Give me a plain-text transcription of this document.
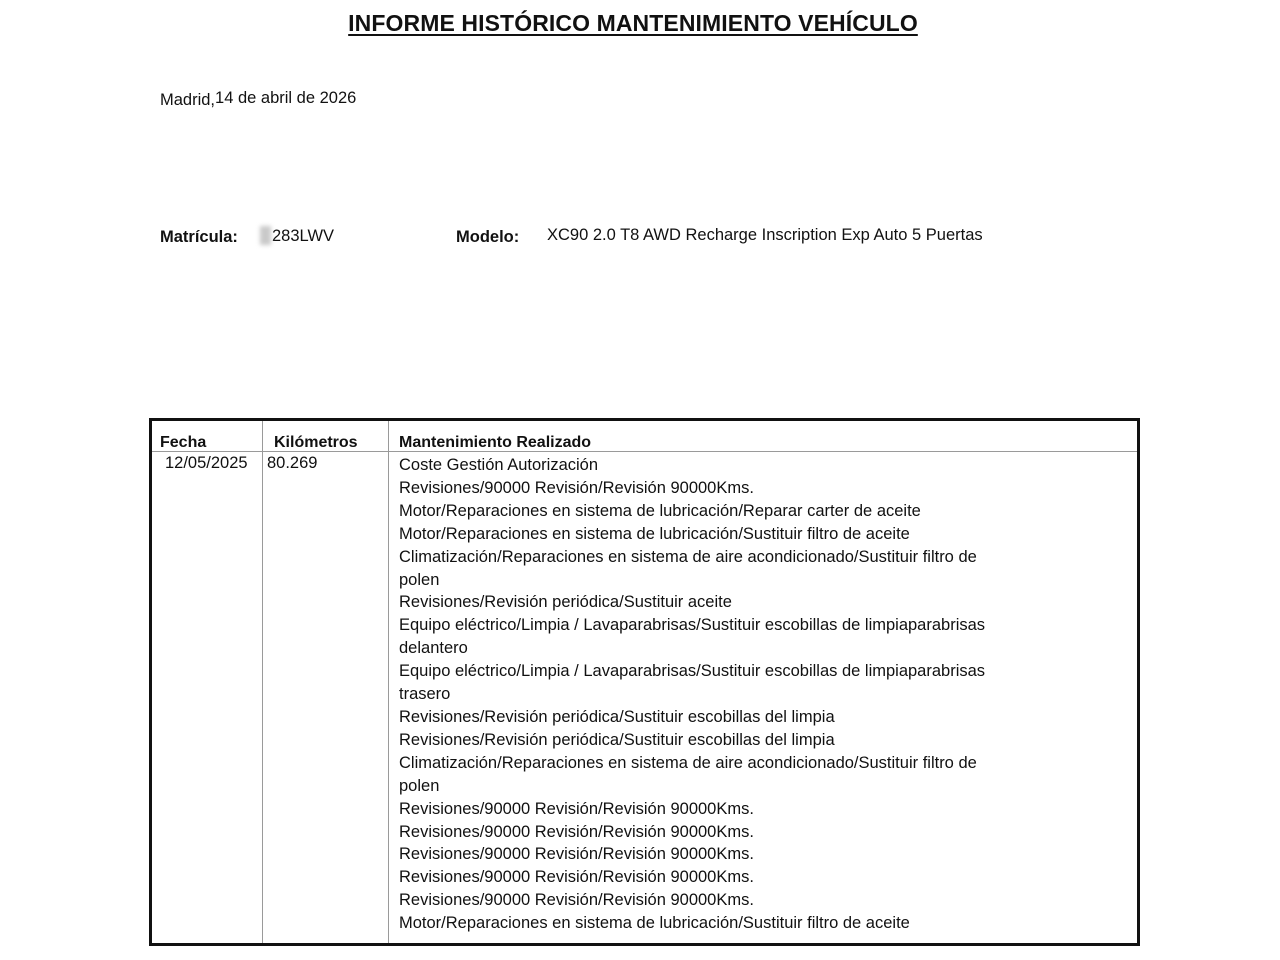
INFORME HISTÓRICO MANTENIMIENTO VEHÍCULO
Madrid,14 de abril de 2026
Matrícula:	283LWV	Modelo: XC90 2.0 T8 AWD Recharge Inscription Exp Auto 5 Puertas
Fecha	Kilómetros	Mantenimiento Realizado
12/05/2025 80.269	Coste Gestión Autorización
Revisiones/90000 Revisión/Revisión 90000Kms.
Motor/Reparaciones en sistema de lubricación/Reparar carter de aceite
Motor/Reparaciones en sistema de lubricación/Sustituir filtro de aceite
Climatización/Reparaciones en sistema de aire acondicionado/Sustituir filtro de
polen
Revisiones/Revisión periódica/Sustituir aceite
Equipo eléctrico/Limpia / Lavaparabrisas/Sustituir escobillas de limpiaparabrisas
delantero
Equipo eléctrico/Limpia / Lavaparabrisas/Sustituir escobillas de limpiaparabrisas
trasero
Revisiones/Revisión periódica/Sustituir escobillas del limpia
Revisiones/Revisión periódica/Sustituir escobillas del limpia
Climatización/Reparaciones en sistema de aire acondicionado/Sustituir filtro de
polen
Revisiones/90000 Revisión/Revisión 90000Kms.
Revisiones/90000 Revisión/Revisión 90000Kms.
Revisiones/90000 Revisión/Revisión 90000Kms.
Revisiones/90000 Revisión/Revisión 90000Kms.
Revisiones/90000 Revisión/Revisión 90000Kms.
Motor/Reparaciones en sistema de lubricación/Sustituir filtro de aceite
